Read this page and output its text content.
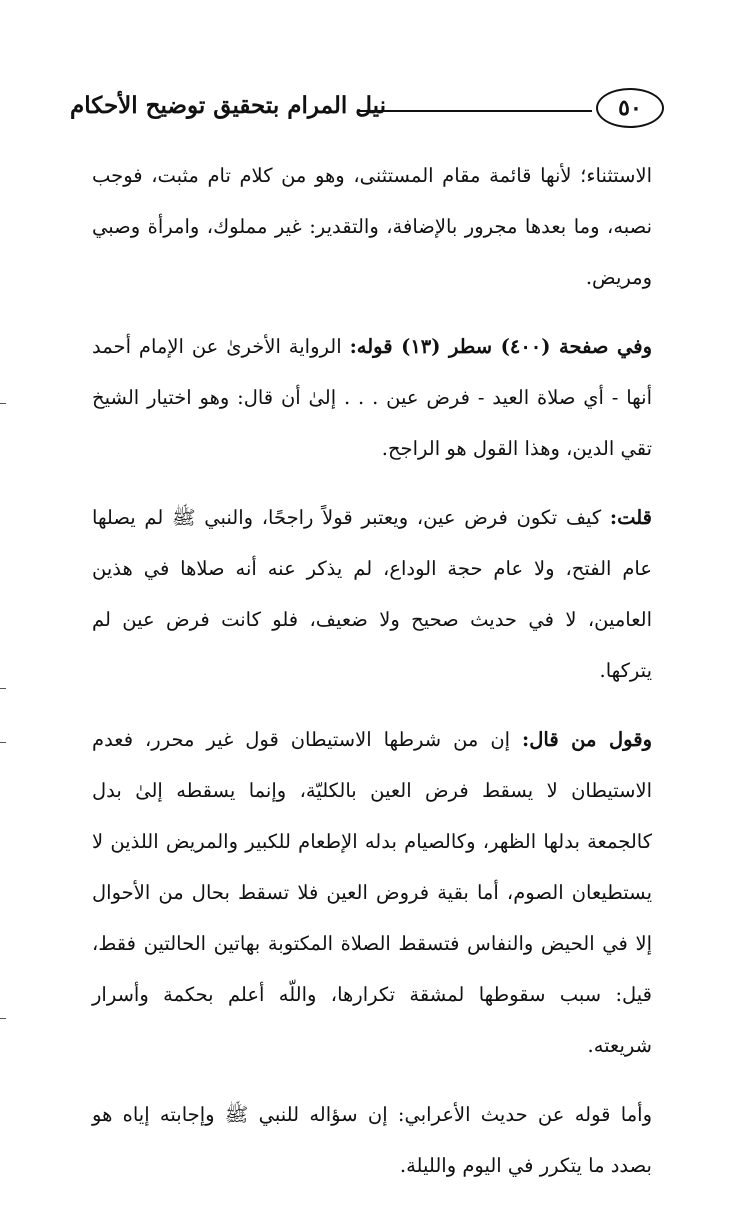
نيل المرام بتحقيق توضيح الأحكام	٥٠

الاستثناء؛ لأنها قائمة مقام المستثنى، وهو من كلام تام مثبت، فوجب نصبه، وما بعدها مجرور بالإضافة، والتقدير: غير مملوك، وامرأة وصبي ومريض.

وفي صفحة (٤٠٠) سطر (١٣) قوله: الرواية الأخرىٰ عن الإمام أحمد أنها - أي صلاة العيد - فرض عين . . . إلىٰ أن قال: وهو اختيار الشيخ تقي الدين، وهذا القول هو الراجح.

قلت: كيف تكون فرض عين، ويعتبر قولاً راجحًا، والنبي ﷺ لم يصلها عام الفتح، ولا عام حجة الوداع، لم يذكر عنه أنه صلاها في هذين العامين، لا في حديث صحيح ولا ضعيف، فلو كانت فرض عين لم يتركها.

وقول من قال: إن من شرطها الاستيطان قول غير محرر، فعدم الاستيطان لا يسقط فرض العين بالكليّة، وإنما يسقطه إلىٰ بدل كالجمعة بدلها الظهر، وكالصيام بدله الإطعام للكبير والمريض اللذين لا يستطيعان الصوم، أما بقية فروض العين فلا تسقط بحال من الأحوال إلا في الحيض والنفاس فتسقط الصلاة المكتوبة بهاتين الحالتين فقط، قيل: سبب سقوطها لمشقة تكرارها، واللّه أعلم بحكمة وأسرار شريعته.

وأما قوله عن حديث الأعرابي: إن سؤاله للنبي ﷺ وإجابته إياه هو بصدد ما يتكرر في اليوم والليلة.
